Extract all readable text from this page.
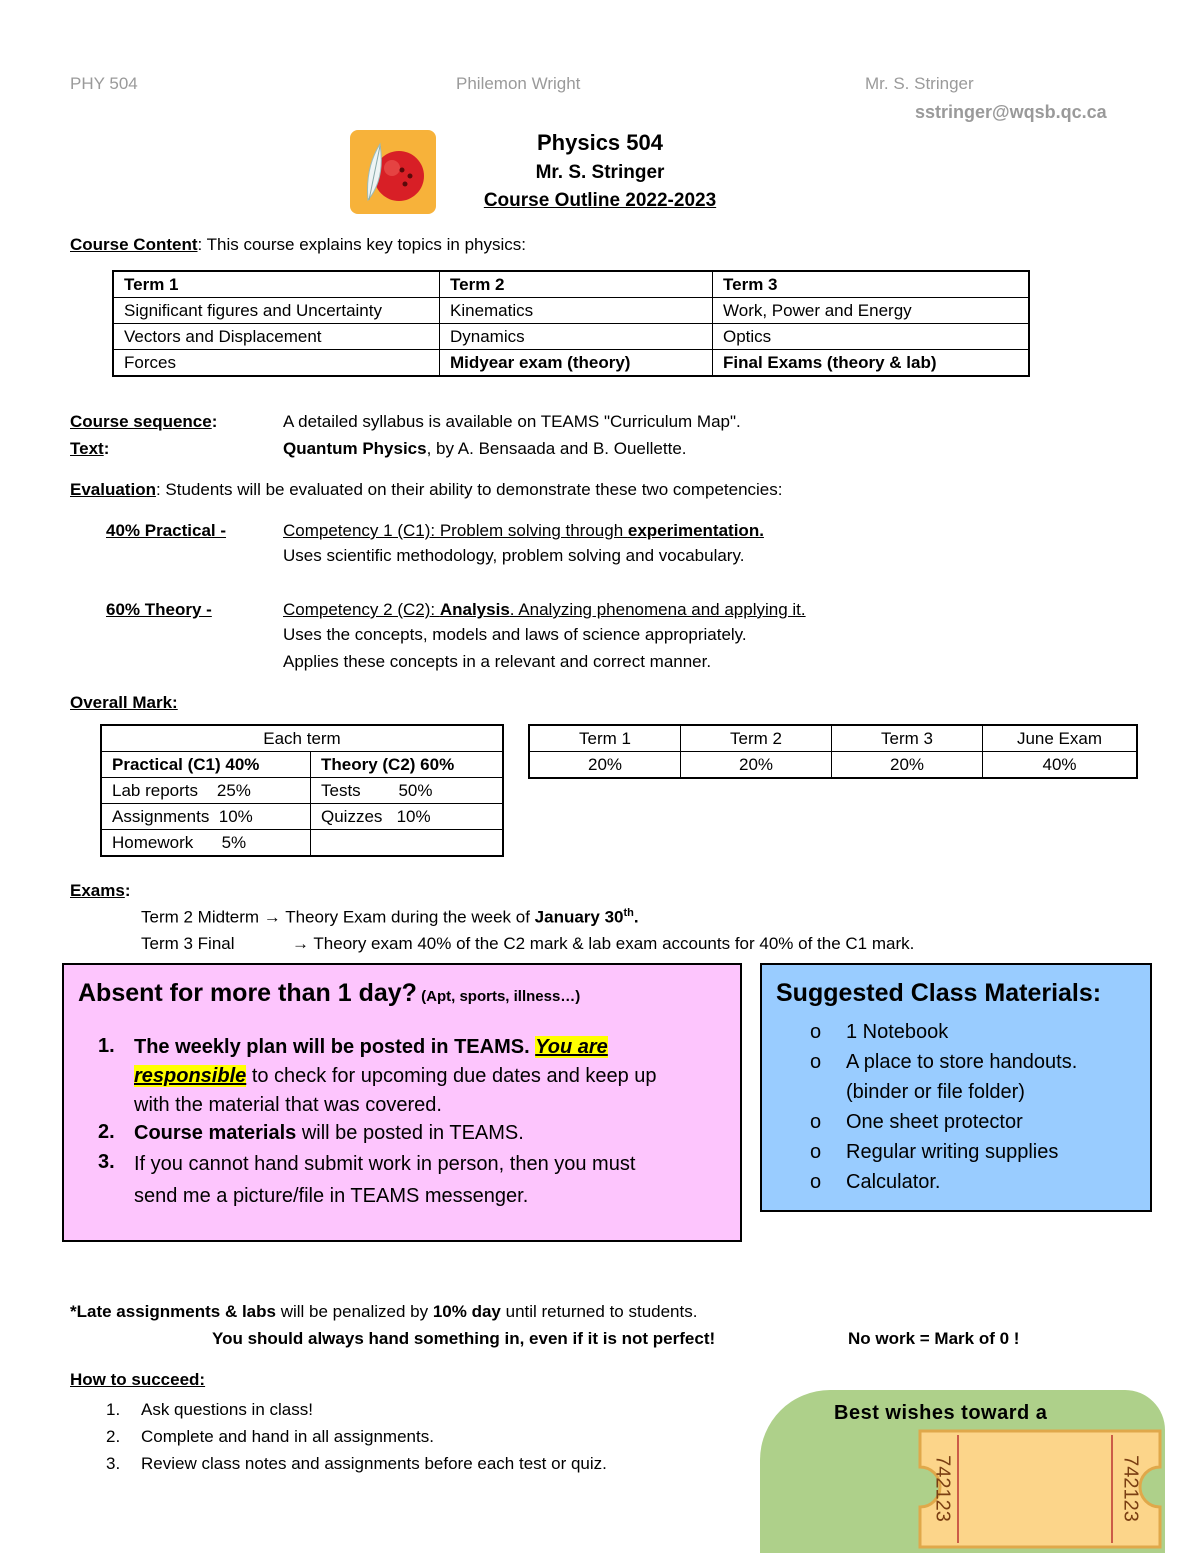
PHY 504	Philemon Wright	Mr. S. Stringer
sstringer@wqsb.qc.ca
Physics 504
Mr. S. Stringer
Course Outline 2022-2023
Course Content: This course explains key topics in physics:
Term 1	Term 2	Term 3
Significant figures and Uncertainty	Kinematics	Work, Power and Energy
Vectors and Displacement	Dynamics	Optics
Forces	Midyear exam (theory)	Final Exams (theory & lab)
Course sequence:	A detailed syllabus is available on TEAMS "Curriculum Map".
Text:	Quantum Physics, by A. Bensaada and B. Ouellette.
Evaluation: Students will be evaluated on their ability to demonstrate these two competencies:
40% Practical -	Competency 1 (C1): Problem solving through experimentation.
Uses scientific methodology, problem solving and vocabulary.
60% Theory -	Competency 2 (C2): Analysis. Analyzing phenomena and applying it.
Uses the concepts, models and laws of science appropriately.
Applies these concepts in a relevant and correct manner.
Overall Mark:
Each term	
Practical (C1) 40%	Theory (C2) 60%
Lab reports    25%	Tests        50%
Assignments  10%	Quizzes   10%
Homework      5%	
Term 1	Term 2	Term 3	June Exam
20%	20%	20%	40%
Exams:
Term 2 Midterm → Theory Exam during the week of January 30th.
Term 3 Final	→ Theory exam 40% of the C2 mark & lab exam accounts for 40% of the C1 mark.
Absent for more than 1 day? (Apt, sports, illness…)
1. The weekly plan will be posted in TEAMS. You are
responsible to check for upcoming due dates and keep up
with the material that was covered.
2. Course materials will be posted in TEAMS.
3. If you cannot hand submit work in person, then you must
send me a picture/file in TEAMS messenger.
Suggested Class Materials:
o 1 Notebook
o A place to store handouts.
(binder or file folder)
o One sheet protector
o Regular writing supplies
o Calculator.
*Late assignments & labs will be penalized by 10% day until returned to students.
You should always hand something in, even if it is not perfect!	No work = Mark of 0 !
How to succeed:
1. Ask questions in class!
2. Complete and hand in all assignments.
3. Review class notes and assignments before each test or quiz.
Best wishes toward a
742123	742123
